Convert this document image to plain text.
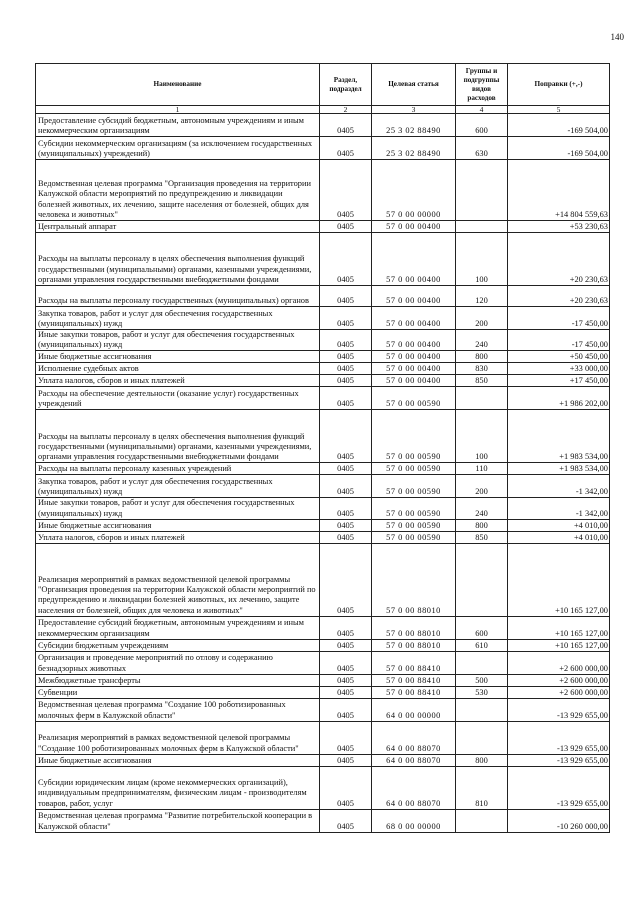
140
Наименование	Раздел, подраздел	Целевая статья	Группы и подгруппы видов расходов	Поправки (+,-)
1	2	3	4	5
Предоставление субсидий бюджетным, автономным учреждениям и иным некоммерческим организациям	0405	25 3 02 88490	600	-169 504,00
Субсидии некоммерческим организациям (за исключением государственных (муниципальных) учреждений)	0405	25 3 02 88490	630	-169 504,00
Ведомственная целевая программа "Организация проведения на территории Калужской области мероприятий по предупреждению и ликвидации болезней животных, их лечению, защите населения от болезней, общих для человека и животных"	0405	57 0 00 00000		+14 804 559,63
Центральный аппарат	0405	57 0 00 00400		+53 230,63
Расходы на выплаты персоналу в целях обеспечения выполнения функций государственными (муниципальными) органами, казенными учреждениями, органами управления государственными внебюджетными фондами	0405	57 0 00 00400	100	+20 230,63
Расходы на выплаты персоналу государственных (муниципальных) органов	0405	57 0 00 00400	120	+20 230,63
Закупка товаров, работ и услуг для обеспечения государственных (муниципальных) нужд	0405	57 0 00 00400	200	-17 450,00
Иные закупки товаров, работ и услуг для обеспечения государственных (муниципальных) нужд	0405	57 0 00 00400	240	-17 450,00
Иные бюджетные ассигнования	0405	57 0 00 00400	800	+50 450,00
Исполнение судебных актов	0405	57 0 00 00400	830	+33 000,00
Уплата налогов, сборов и иных платежей	0405	57 0 00 00400	850	+17 450,00
Расходы на обеспечение деятельности (оказание услуг) государственных учреждений	0405	57 0 00 00590		+1 986 202,00
Расходы на выплаты персоналу в целях обеспечения выполнения функций государственными (муниципальными) органами, казенными учреждениями, органами управления государственными внебюджетными фондами	0405	57 0 00 00590	100	+1 983 534,00
Расходы на выплаты персоналу казенных учреждений	0405	57 0 00 00590	110	+1 983 534,00
Закупка товаров, работ и услуг для обеспечения государственных (муниципальных) нужд	0405	57 0 00 00590	200	-1 342,00
Иные закупки товаров, работ и услуг для обеспечения государственных (муниципальных) нужд	0405	57 0 00 00590	240	-1 342,00
Иные бюджетные ассигнования	0405	57 0 00 00590	800	+4 010,00
Уплата налогов, сборов и иных платежей	0405	57 0 00 00590	850	+4 010,00
Реализация мероприятий в рамках ведомственной целевой программы "Организация проведения на территории Калужской области мероприятий по предупреждению и ликвидации болезней животных, их лечению, защите населения от болезней, общих для человека и животных"	0405	57 0 00 88010		+10 165 127,00
Предоставление субсидий бюджетным, автономным учреждениям и иным некоммерческим организациям	0405	57 0 00 88010	600	+10 165 127,00
Субсидии бюджетным учреждениям	0405	57 0 00 88010	610	+10 165 127,00
Организация и проведение мероприятий по отлову и содержанию безнадзорных животных	0405	57 0 00 88410		+2 600 000,00
Межбюджетные трансферты	0405	57 0 00 88410	500	+2 600 000,00
Субвенции	0405	57 0 00 88410	530	+2 600 000,00
Ведомственная целевая программа "Создание 100 роботизированных молочных ферм в Калужской области"	0405	64 0 00 00000		-13 929 655,00
Реализация мероприятий в рамках ведомственной целевой программы "Создание 100 роботизированных молочных ферм в Калужской области"	0405	64 0 00 88070		-13 929 655,00
Иные бюджетные ассигнования	0405	64 0 00 88070	800	-13 929 655,00
Субсидии юридическим лицам (кроме некоммерческих организаций), индивидуальным предпринимателям, физическим лицам - производителям товаров, работ, услуг	0405	64 0 00 88070	810	-13 929 655,00
Ведомственная целевая программа "Развитие потребительской кооперации в Калужской области"	0405	68 0 00 00000		-10 260 000,00
